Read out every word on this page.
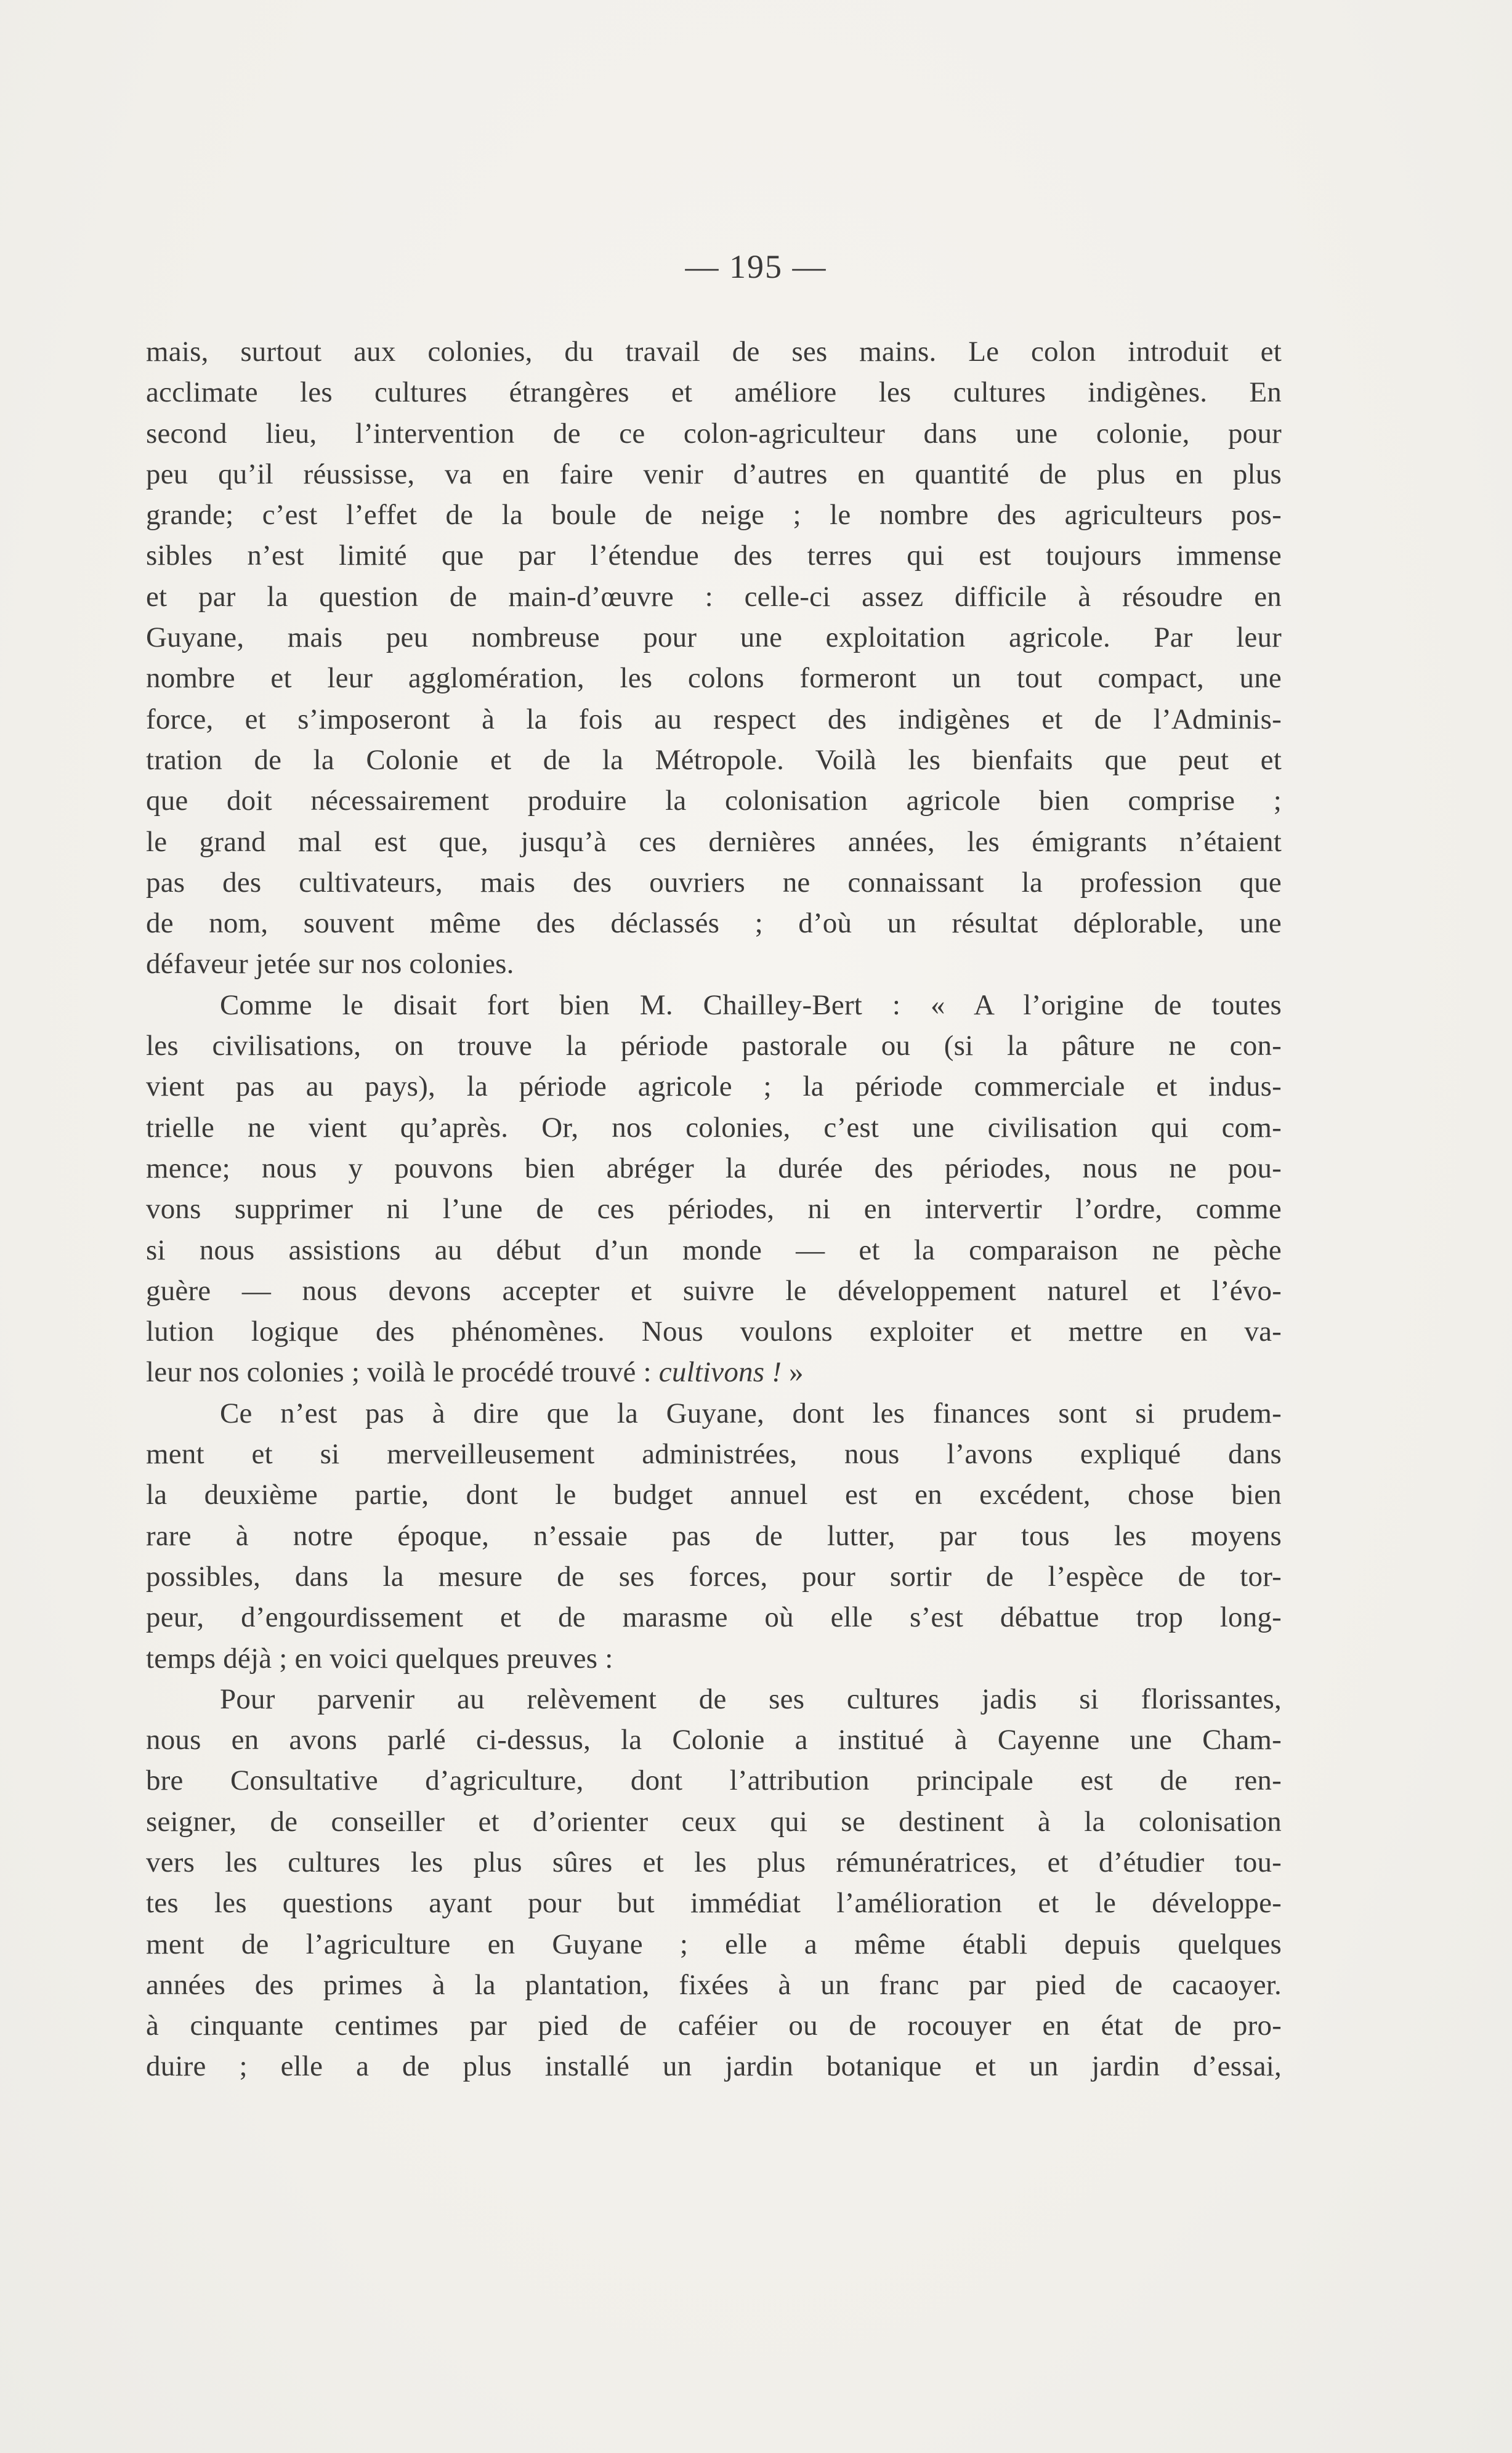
— 195 —
mais, surtout aux colonies, du travail de ses mains. Le colon introduit et
acclimate les cultures étrangères et améliore les cultures indigènes. En
second lieu, l’intervention de ce colon-agriculteur dans une colonie, pour
peu qu’il réussisse, va en faire venir d’autres en quantité de plus en plus
grande; c’est l’effet de la boule de neige ; le nombre des agriculteurs pos-
sibles n’est limité que par l’étendue des terres qui est toujours immense
et par la question de main-d’œuvre : celle-ci assez difficile à résoudre en
Guyane, mais peu nombreuse pour une exploitation agricole. Par leur
nombre et leur agglomération, les colons formeront un tout compact, une
force, et s’imposeront à la fois au respect des indigènes et de l’Adminis-
tration de la Colonie et de la Métropole. Voilà les bienfaits que peut et
que doit nécessairement produire la colonisation agricole bien comprise ;
le grand mal est que, jusqu’à ces dernières années, les émigrants n’étaient
pas des cultivateurs, mais des ouvriers ne connaissant la profession que
de nom, souvent même des déclassés ; d’où un résultat déplorable, une
défaveur jetée sur nos colonies.
Comme le disait fort bien M. Chailley-Bert : « A l’origine de toutes
les civilisations, on trouve la période pastorale ou (si la pâture ne con-
vient pas au pays), la période agricole ; la période commerciale et indus-
trielle ne vient qu’après. Or, nos colonies, c’est une civilisation qui com-
mence; nous y pouvons bien abréger la durée des périodes, nous ne pou-
vons supprimer ni l’une de ces périodes, ni en intervertir l’ordre, comme
si nous assistions au début d’un monde — et la comparaison ne pèche
guère — nous devons accepter et suivre le développement naturel et l’évo-
lution logique des phénomènes. Nous voulons exploiter et mettre en va-
leur nos colonies ; voilà le procédé trouvé : cultivons ! »
Ce n’est pas à dire que la Guyane, dont les finances sont si prudem-
ment et si merveilleusement administrées, nous l’avons expliqué dans
la deuxième partie, dont le budget annuel est en excédent, chose bien
rare à notre époque, n’essaie pas de lutter, par tous les moyens
possibles, dans la mesure de ses forces, pour sortir de l’espèce de tor-
peur, d’engourdissement et de marasme où elle s’est débattue trop long-
temps déjà ; en voici quelques preuves :
Pour parvenir au relèvement de ses cultures jadis si florissantes,
nous en avons parlé ci-dessus, la Colonie a institué à Cayenne une Cham-
bre Consultative d’agriculture, dont l’attribution principale est de ren-
seigner, de conseiller et d’orienter ceux qui se destinent à la colonisation
vers les cultures les plus sûres et les plus rémunératrices, et d’étudier tou-
tes les questions ayant pour but immédiat l’amélioration et le développe-
ment de l’agriculture en Guyane ; elle a même établi depuis quelques
années des primes à la plantation, fixées à un franc par pied de cacaoyer.
à cinquante centimes par pied de caféier ou de rocouyer en état de pro-
duire ; elle a de plus installé un jardin botanique et un jardin d’essai,
